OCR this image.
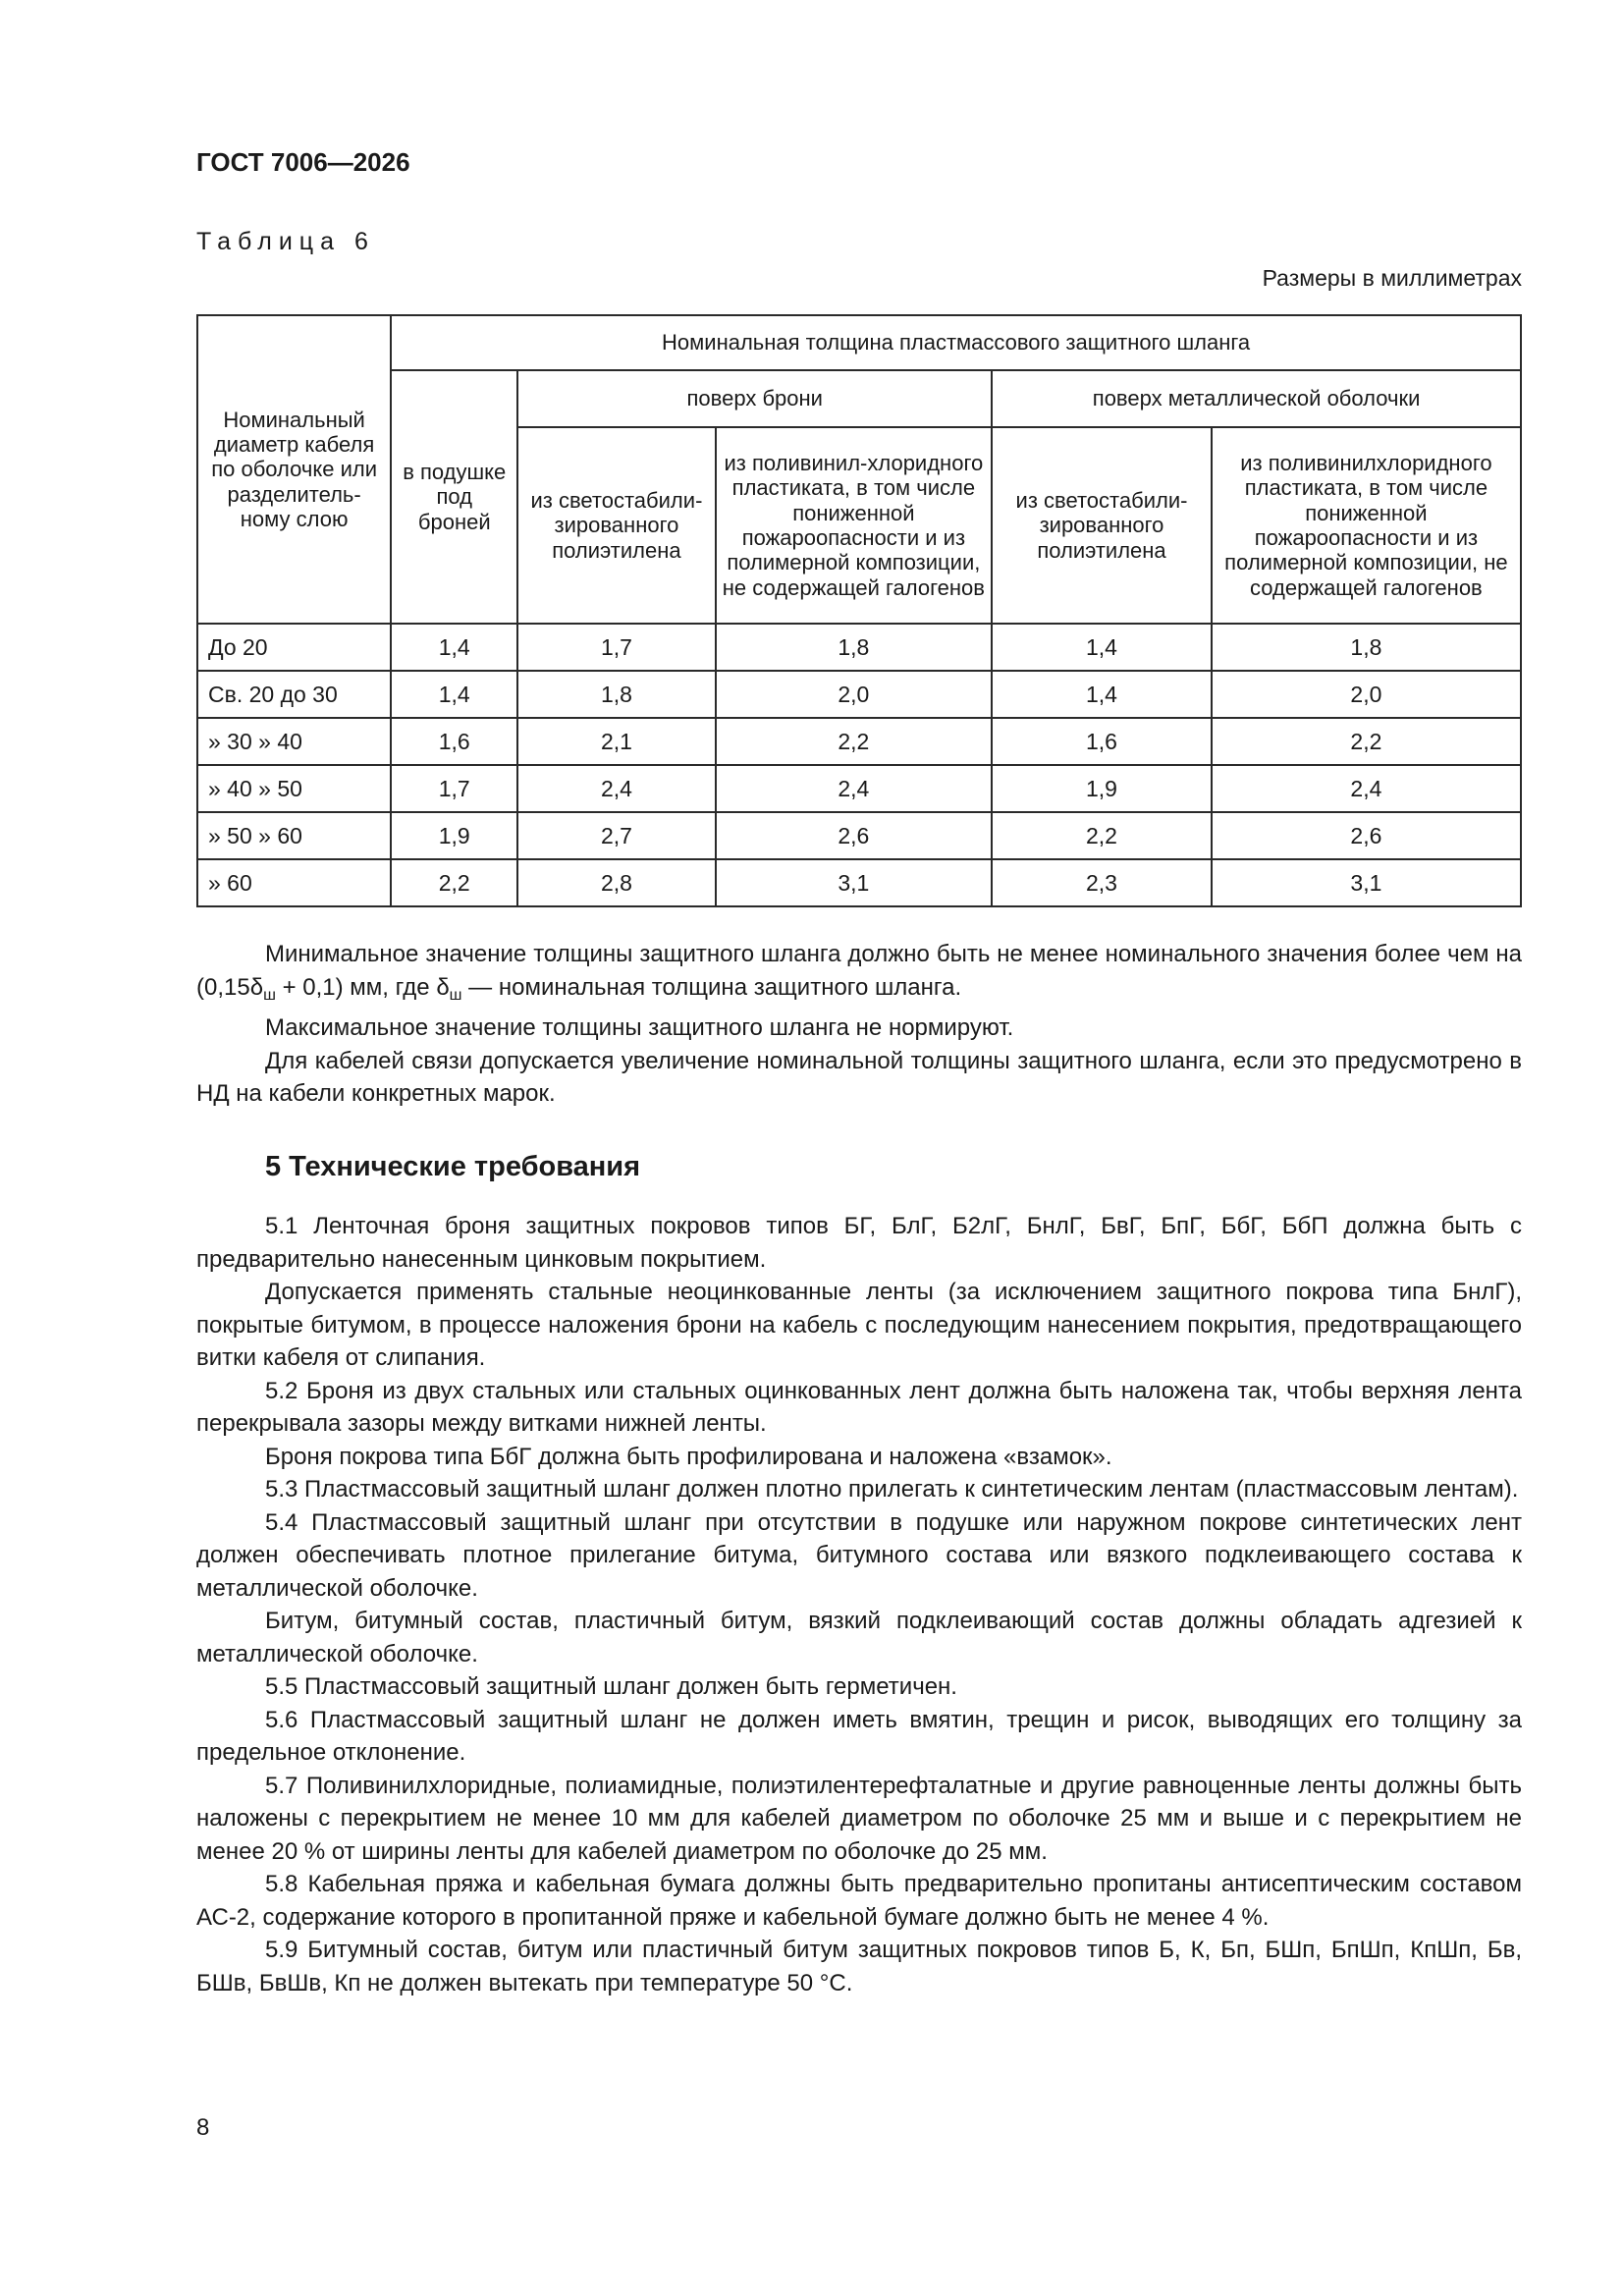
ГОСТ 7006—2026
Таблица 6
Размеры в миллиметрах
Номинальный диаметр кабеля по оболочке или разделитель-ному слою	Номинальная толщина пластмассового защитного шланга				
	в подушке под броней	поверх брони		поверх металлической оболочки	
		из светостабили-зированного полиэтилена	из поливинил-хлоридного пластиката, в том числе пониженной пожароопасности и из полимерной композиции, не содержащей галогенов	из светостабили-зированного полиэтилена	из поливинилхлоридного пластиката, в том числе пониженной пожароопасности и из полимерной композиции, не содержащей галогенов
До 20	1,4	1,7	1,8	1,4	1,8
Св. 20 до 30	1,4	1,8	2,0	1,4	2,0
» 30 » 40	1,6	2,1	2,2	1,6	2,2
» 40 » 50	1,7	2,4	2,4	1,9	2,4
» 50 » 60	1,9	2,7	2,6	2,2	2,6
» 60	2,2	2,8	3,1	2,3	3,1

Минимальное значение толщины защитного шланга должно быть не менее номинального значения более чем на $(0,15\delta_ш + 0,1)$ мм, где $\delta_ш$ — номинальная толщина защитного шланга.

Максимальное значение толщины защитного шланга не нормируют.

Для кабелей связи допускается увеличение номинальной толщины защитного шланга, если это предусмотрено в НД на кабели конкретных марок.

5 Технические требования

5.1 Ленточная броня защитных покровов типов БГ, БлГ, Б2лГ, БнлГ, БвГ, БпГ, БбГ, БбП должна быть с предварительно нанесенным цинковым покрытием.

Допускается применять стальные неоцинкованные ленты (за исключением защитного покрова типа БнлГ), покрытые битумом, в процессе наложения брони на кабель с последующим нанесением покрытия, предотвращающего витки кабеля от слипания.

5.2 Броня из двух стальных или стальных оцинкованных лент должна быть наложена так, чтобы верхняя лента перекрывала зазоры между витками нижней ленты.

Броня покрова типа БбГ должна быть профилирована и наложена «взамок».

5.3 Пластмассовый защитный шланг должен плотно прилегать к синтетическим лентам (пластмассовым лентам).

5.4 Пластмассовый защитный шланг при отсутствии в подушке или наружном покрове синтетических лент должен обеспечивать плотное прилегание битума, битумного состава или вязкого подклеивающего состава к металлической оболочке.

Битум, битумный состав, пластичный битум, вязкий подклеивающий состав должны обладать адгезией к металлической оболочке.

5.5 Пластмассовый защитный шланг должен быть герметичен.

5.6 Пластмассовый защитный шланг не должен иметь вмятин, трещин и рисок, выводящих его толщину за предельное отклонение.

5.7 Поливинилхлоридные, полиамидные, полиэтилентерефталатные и другие равноценные ленты должны быть наложены с перекрытием не менее 10 мм для кабелей диаметром по оболочке 25 мм и выше и с перекрытием не менее 20 % от ширины ленты для кабелей диаметром по оболочке до 25 мм.

5.8 Кабельная пряжа и кабельная бумага должны быть предварительно пропитаны антисептическим составом АС-2, содержание которого в пропитанной пряже и кабельной бумаге должно быть не менее 4 %.

5.9 Битумный состав, битум или пластичный битум защитных покровов типов Б, К, Бп, БШп, БпШп, КпШп, Бв, БШв, БвШв, Кп не должен вытекать при температуре 50 °С.

8
